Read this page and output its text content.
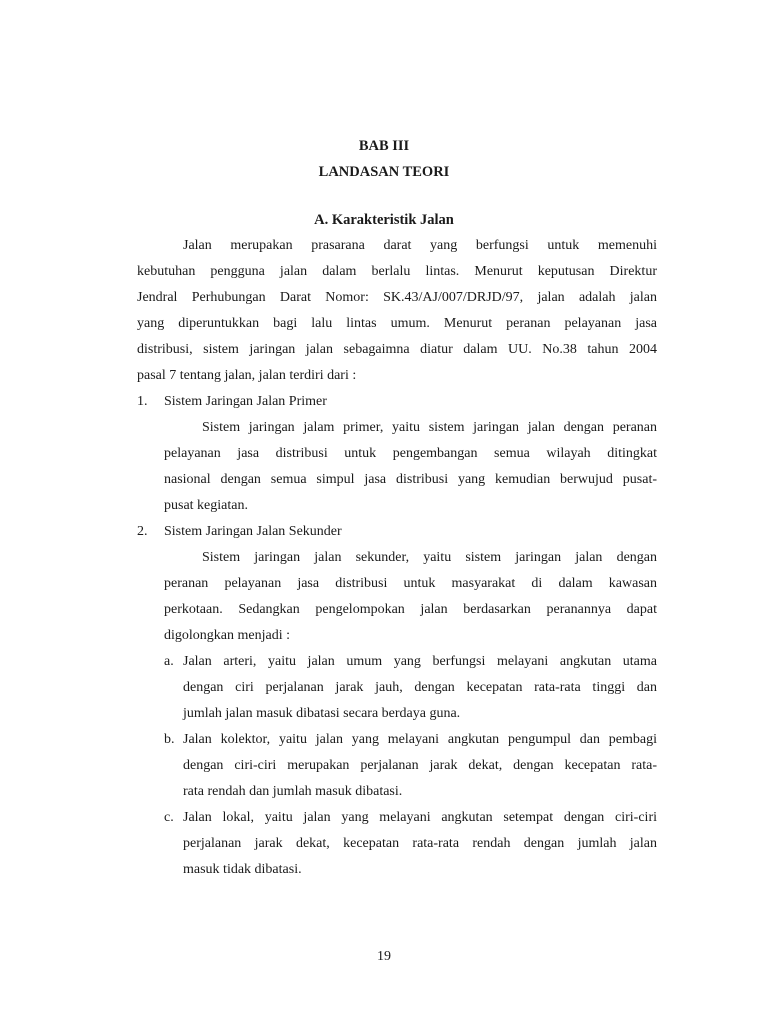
BAB III
LANDASAN TEORI
A. Karakteristik Jalan
Jalan merupakan prasarana darat yang berfungsi untuk memenuhi
kebutuhan pengguna jalan dalam berlalu lintas. Menurut keputusan Direktur
Jendral Perhubungan Darat Nomor: SK.43/AJ/007/DRJD/97, jalan adalah jalan
yang diperuntukkan bagi lalu lintas umum. Menurut peranan pelayanan jasa
distribusi, sistem jaringan jalan sebagaimna diatur dalam UU. No.38 tahun 2004
pasal 7 tentang jalan, jalan terdiri dari :
1. Sistem Jaringan Jalan Primer
Sistem jaringan jalam primer, yaitu sistem jaringan jalan dengan peranan
pelayanan jasa distribusi untuk pengembangan semua wilayah ditingkat
nasional dengan semua simpul jasa distribusi yang kemudian berwujud pusat-
pusat kegiatan.
2. Sistem Jaringan Jalan Sekunder
Sistem jaringan jalan sekunder, yaitu sistem jaringan jalan dengan
peranan pelayanan jasa distribusi untuk masyarakat di dalam kawasan
perkotaan. Sedangkan pengelompokan jalan berdasarkan peranannya dapat
digolongkan menjadi :
a. Jalan arteri, yaitu jalan umum yang berfungsi melayani angkutan utama
dengan ciri perjalanan jarak jauh, dengan kecepatan rata-rata tinggi dan
jumlah jalan masuk dibatasi secara berdaya guna.
b. Jalan kolektor, yaitu jalan yang melayani angkutan pengumpul dan pembagi
dengan ciri-ciri merupakan perjalanan jarak dekat, dengan kecepatan rata-
rata rendah dan jumlah masuk dibatasi.
c. Jalan lokal, yaitu jalan yang melayani angkutan setempat dengan ciri-ciri
perjalanan jarak dekat, kecepatan rata-rata rendah dengan jumlah jalan
masuk tidak dibatasi.
19
